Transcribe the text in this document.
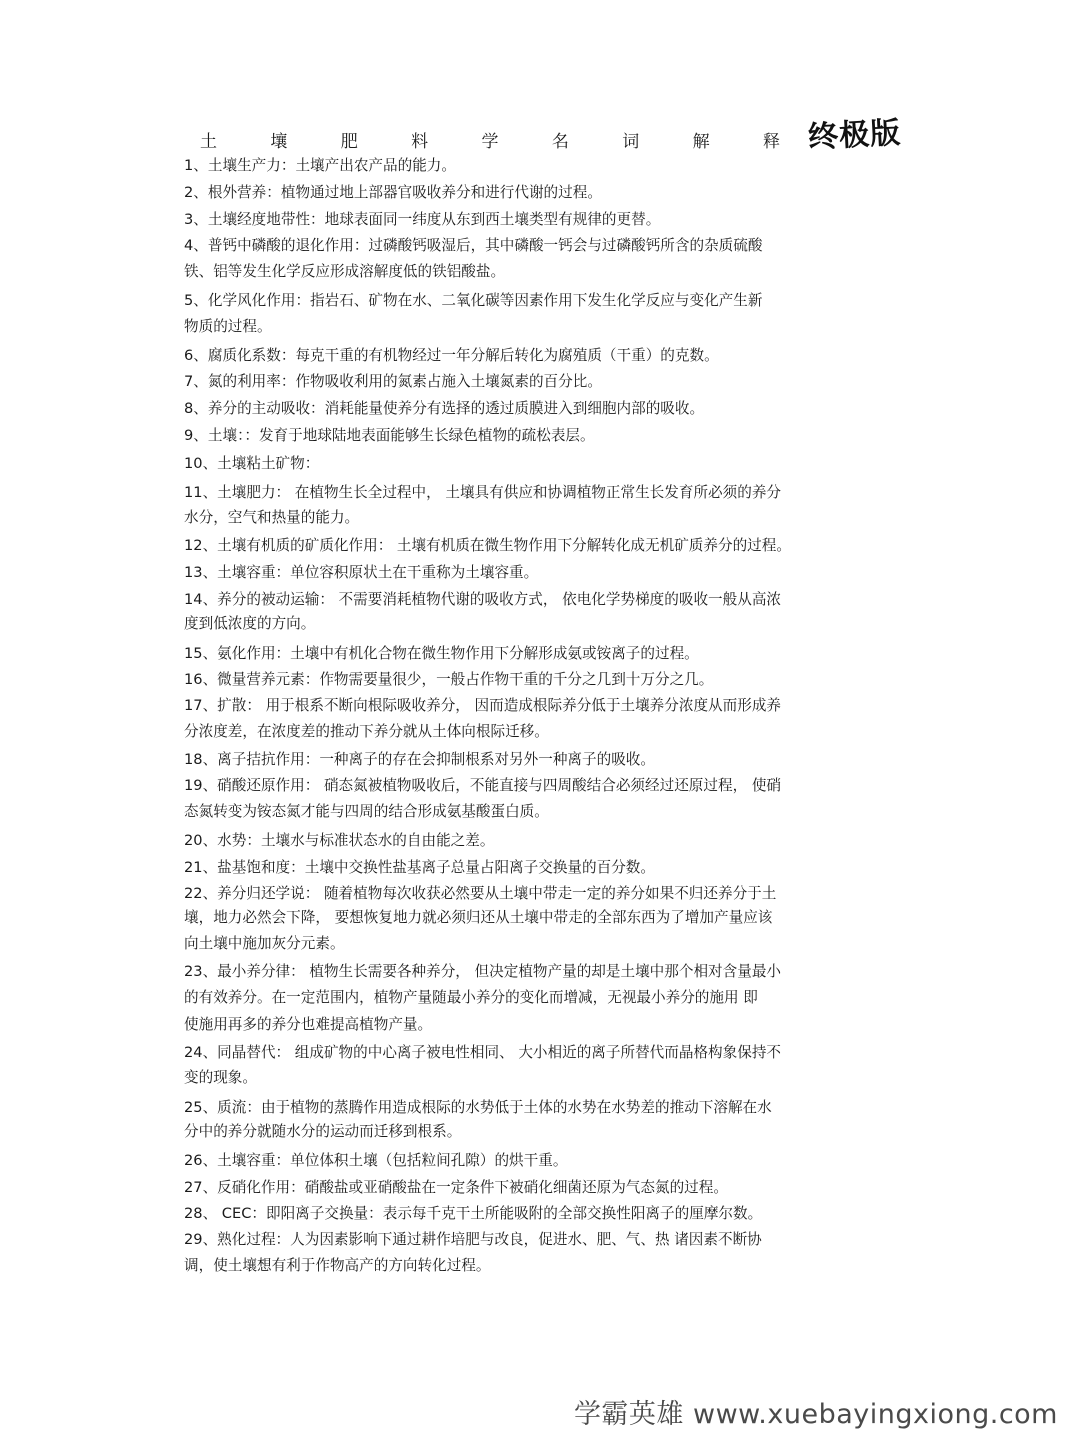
土	壤	肥	料	学	名	词	解	释 终极版
1、土壤生产力：土壤产出农产品的能力。
2、根外营养：植物通过地上部器官吸收养分和进行代谢的过程。
3、土壤经度地带性：地球表面同一纬度从东到西土壤类型有规律的更替。
4、普钙中磷酸的退化作用：过磷酸钙吸湿后，其中磷酸一钙会与过磷酸钙所含的杂质硫酸
铁、铝等发生化学反应形成溶解度低的铁铝酸盐。
5、化学风化作用：指岩石、矿物在水、二氧化碳等因素作用下发生化学反应与变化产生新
物质的过程。
6、腐质化系数：每克干重的有机物经过一年分解后转化为腐殖质（干重）的克数。
7、氮的利用率：作物吸收利用的氮素占施入土壤氮素的百分比。
8、养分的主动吸收：消耗能量使养分有选择的透过质膜进入到细胞内部的吸收。
9、土壤：：发育于地球陆地表面能够生长绿色植物的疏松表层。
10、土壤粘土矿物：
11、土壤肥力： 在植物生长全过程中， 土壤具有供应和协调植物正常生长发育所必须的养分
水分，空气和热量的能力。
12、土壤有机质的矿质化作用： 土壤有机质在微生物作用下分解转化成无机矿质养分的过程。
13、土壤容重：单位容积原状土在干重称为土壤容重。
14、养分的被动运输： 不需要消耗植物代谢的吸收方式， 依电化学势梯度的吸收一般从高浓
度到低浓度的方向。
15、氨化作用：土壤中有机化合物在微生物作用下分解形成氨或铵离子的过程。
16、微量营养元素：作物需要量很少，一般占作物干重的千分之几到十万分之几。
17、扩散： 用于根系不断向根际吸收养分， 因而造成根际养分低于土壤养分浓度从而形成养
分浓度差，在浓度差的推动下养分就从土体向根际迁移。
18、离子拮抗作用：一种离子的存在会抑制根系对另外一种离子的吸收。
19、硝酸还原作用： 硝态氮被植物吸收后，不能直接与四周酸结合必须经过还原过程， 使硝
态氮转变为铵态氮才能与四周的结合形成氨基酸蛋白质。
20、水势：土壤水与标准状态水的自由能之差。
21、盐基饱和度：土壤中交换性盐基离子总量占阳离子交换量的百分数。
22、养分归还学说： 随着植物每次收获必然要从土壤中带走一定的养分如果不归还养分于土
壤，地力必然会下降， 要想恢复地力就必须归还从土壤中带走的全部东西为了增加产量应该
向土壤中施加灰分元素。
23、最小养分律： 植物生长需要各种养分， 但决定植物产量的却是土壤中那个相对含量最小
的有效养分。在一定范围内，植物产量随最小养分的变化而增减，无视最小养分的施用 即
使施用再多的养分也难提高植物产量。
24、同晶替代： 组成矿物的中心离子被电性相同、 大小相近的离子所替代而晶格构象保持不
变的现象。
25、质流：由于植物的蒸腾作用造成根际的水势低于土体的水势在水势差的推动下溶解在水
分中的养分就随水分的运动而迁移到根系。
26、土壤容重：单位体积土壤（包括粒间孔隙）的烘干重。
27、反硝化作用：硝酸盐或亚硝酸盐在一定条件下被硝化细菌还原为气态氮的过程。
28、 CEC：即阳离子交换量：表示每千克干土所能吸附的全部交换性阳离子的厘摩尔数。
29、熟化过程：人为因素影响下通过耕作培肥与改良，促进水、肥、气、热 诸因素不断协
调，使土壤想有利于作物高产的方向转化过程。
学霸英雄 www.xuebayingxiong.com
